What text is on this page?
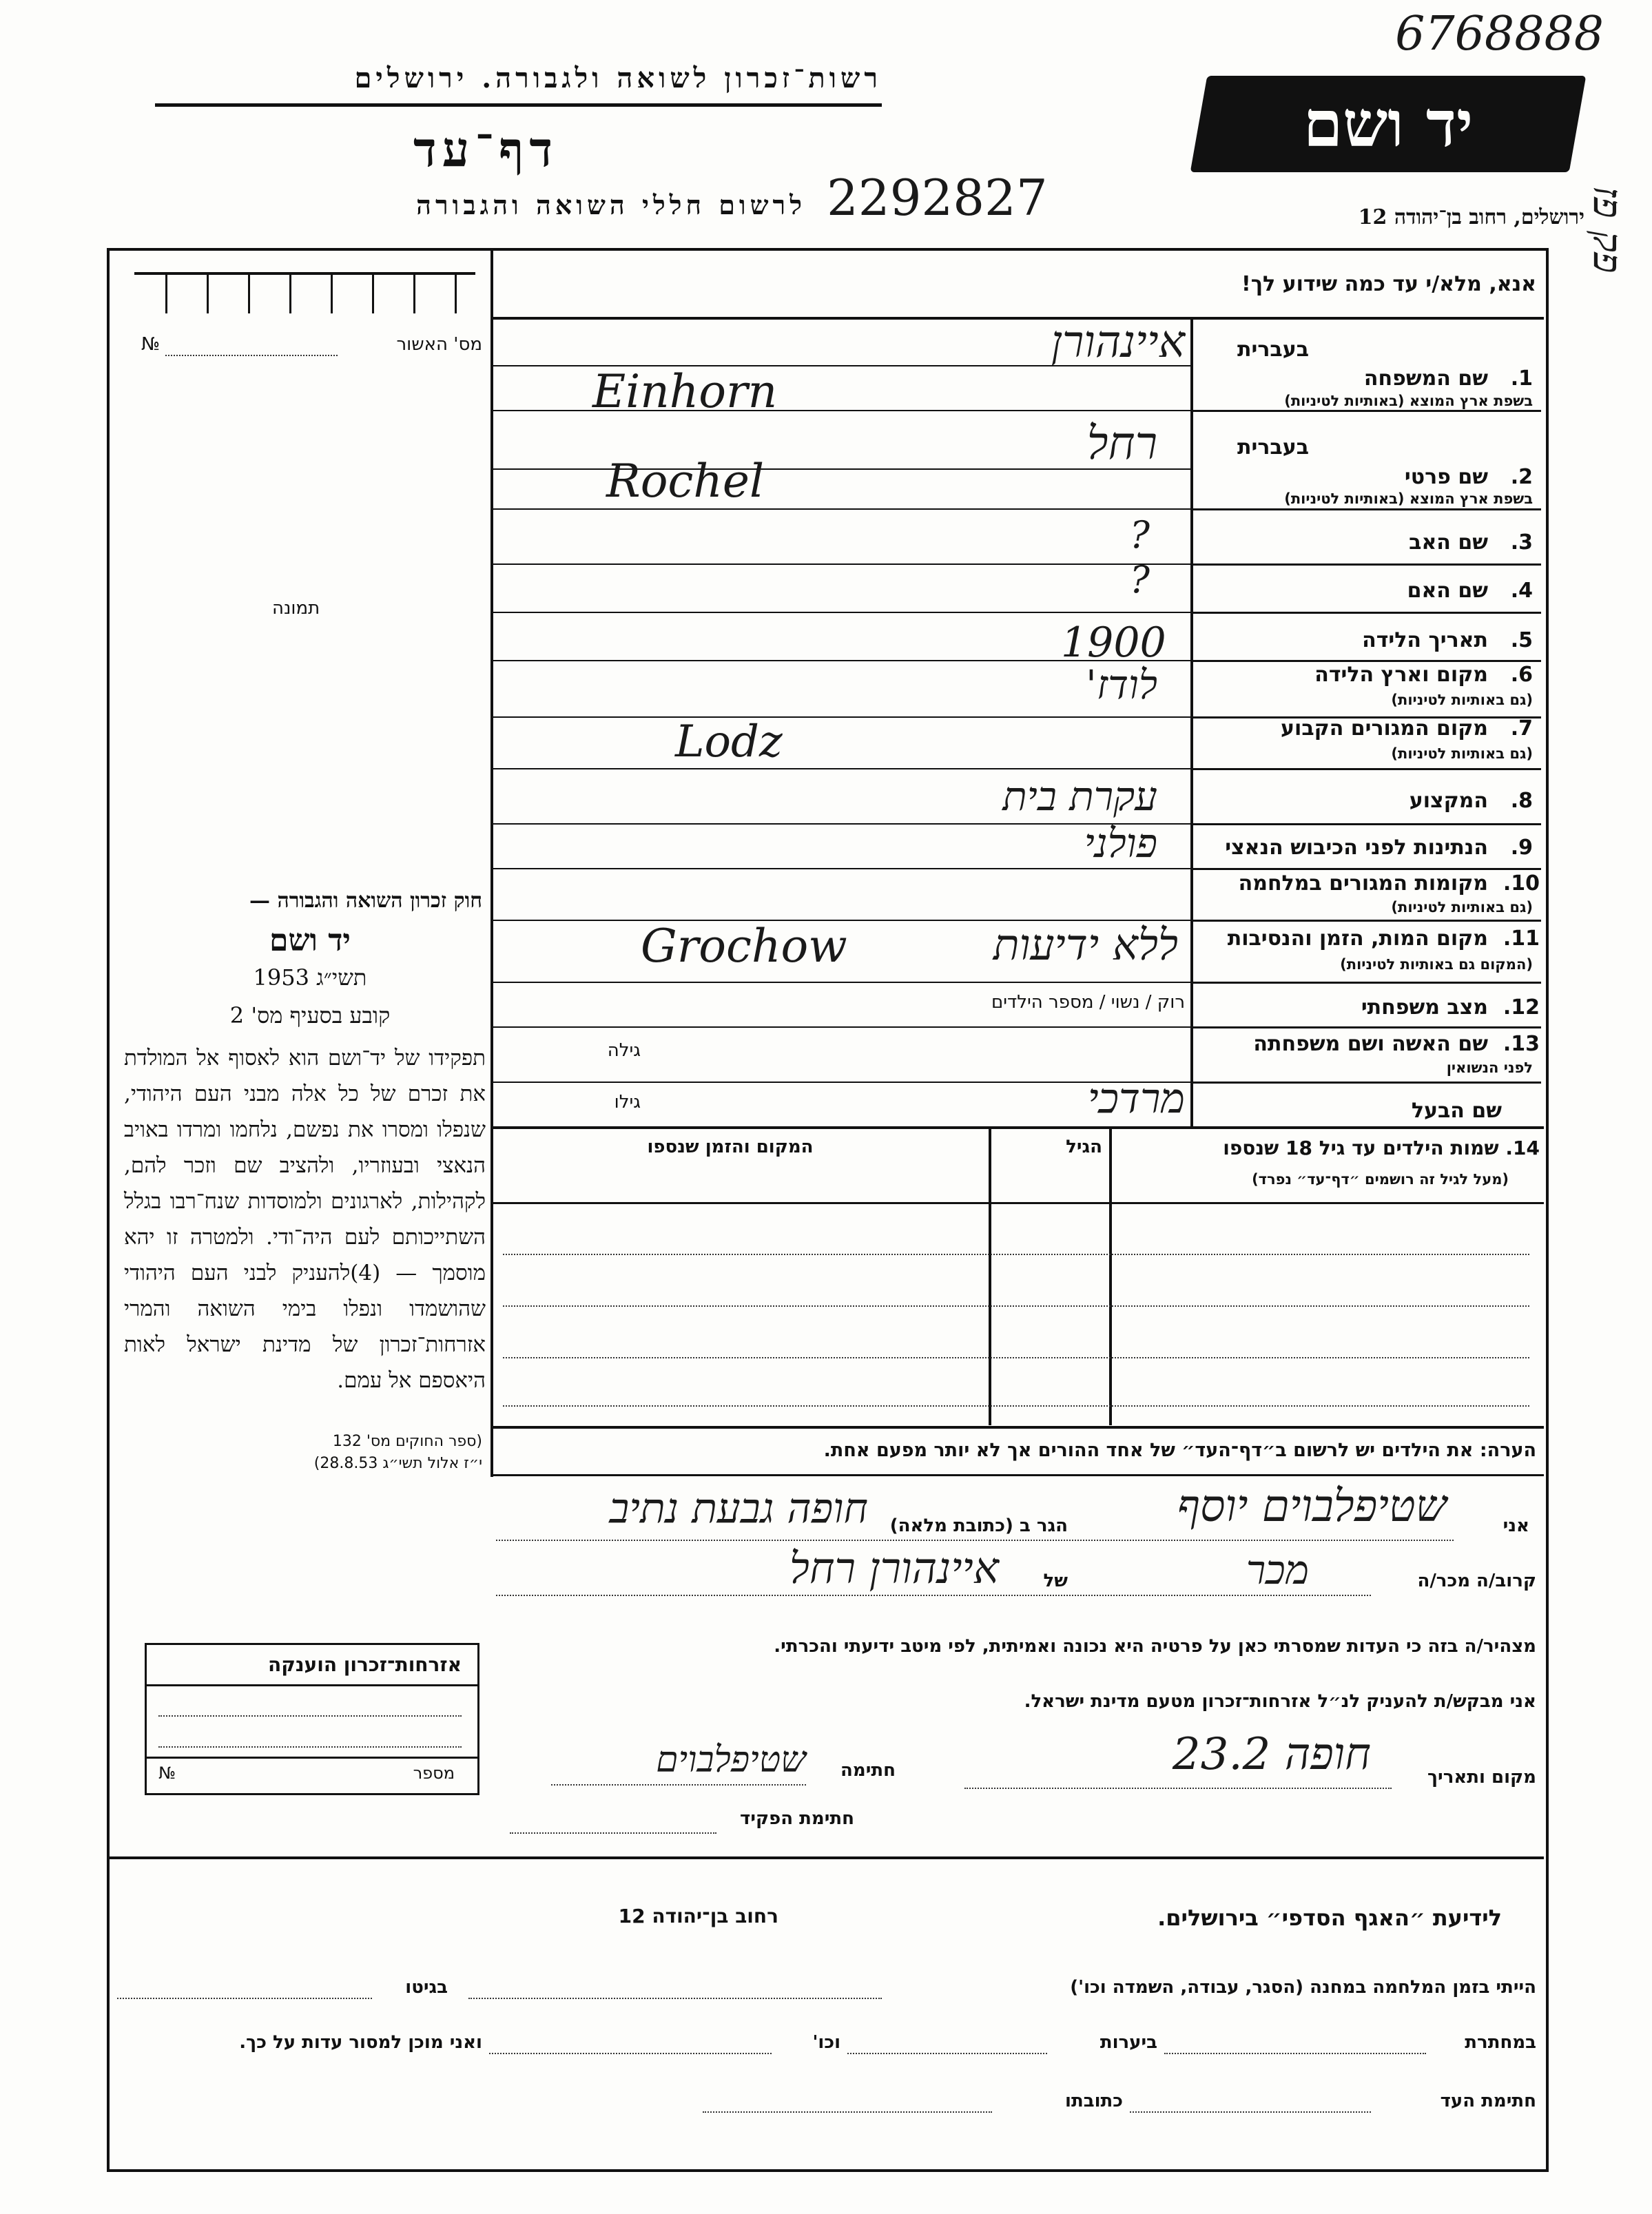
6768888
פק פז
רשות־זכרון לשואה ולגבורה. ירושלים
דף־עד
2292827
לרשום חללי השואה והגבורה
יד ושם
ירושלים, רחוב בן־יהודה 12
אנא, מלא/י עד כמה שידוע לך!
מס' האשור
№
תמונה
חוק זכרון השואה והגבורה —
יד ושם
תשי״ג 1953
קובע בסעיף מס' 2
תפקידו של יד־ושם הוא לאסוף אל המולדת את זכרם של כל אלה מבני העם היהודי, שנפלו ומסרו את נפשם, נלחמו ומרדו באויב הנאצי ובעוזריו, ולהציב שם וזכר להם, לקהילות, לארגונים ולמוסדות שנח־רבו בגלל השתייכותם לעם היה־ודי. ולמטרה זו יהא מוסמך — (4)להעניק לבני העם היהודי שהושמדו ונפלו בימי השואה והמרי אזרחות־זכרון של מדינת ישראל לאות היאספם אל עמם.
(ספר החוקים מס' 132
י״ז אלול תשי״ג 28.8.53)
בעברית
1.
שם המשפחה
בשפת ארץ המוצא (באותיות לטיניות)
איינהורן
Einhorn
בעברית
2.
שם פרטי
בשפת ארץ המוצא (באותיות לטיניות)
רחל
Rochel
3.
שם האב
?
4.
שם האם
?
5.
תאריך הלידה
1900
6.
מקום וארץ הלידה
(גם באותיות לטיניות)
לודז'
7.
מקום המגורים הקבוע
(גם באותיות לטיניות)
Lodz
8.
המקצוע
עקרת בית
9.
הנתינות לפני הכיבוש הנאצי
פולני
10.
מקומות המגורים במלחמה
(גם באותיות לטיניות)
11.
מקום המות, הזמן והנסיבות
(המקום גם באותיות לטיניות)
Grochow	ללא ידיעות
12.
מצב משפחתי
רוק / נשוי / מספר הילדים
13.
שם האשה ושם משפחתה
לפני הנשואין
גילה
שם הבעל
גילו	מרדכי
14. שמות הילדים עד גיל 18 שנספו
(מעל לגיל זה רושמים ״דף־עד״ נפרד)
הגיל
המקום והזמן שנספו
הערה: את הילדים יש לרשום ב״דף־העד״ של אחד ההורים אך לא יותר מפעם אחת.
אני
שטיפלבוים יוסף
הגר ב (כתובת מלאה)
חופה גבעת נתיב
קרוב/ה מכר/ה
מכר
של
איינהורן רחל
מצהיר/ה בזה כי העדות שמסרתי כאן על פרטיה היא נכונה ואמיתית, לפי מיטב ידיעתי והכרתי.
אני מבקש/ת להעניק לנ״ל אזרחות־זכרון מטעם מדינת ישראל.
מקום ותאריך
חופה 23.2
חתימה
שטיפלבוים
חתימת הפקיד
אזרחות־זכרון הוענקה
מספר
№
לידיעת ״האגף הסדפי״ בירושלים.
רחוב בן־יהודה 12
הייתי בזמן המלחמה במחנה (הסגר, עבודה, השמדה וכו')
בגיטו
במחתרת
ביערות
וכו'
ואני מוכן למסור עדות על כך.
חתימת העד
כתובתו
